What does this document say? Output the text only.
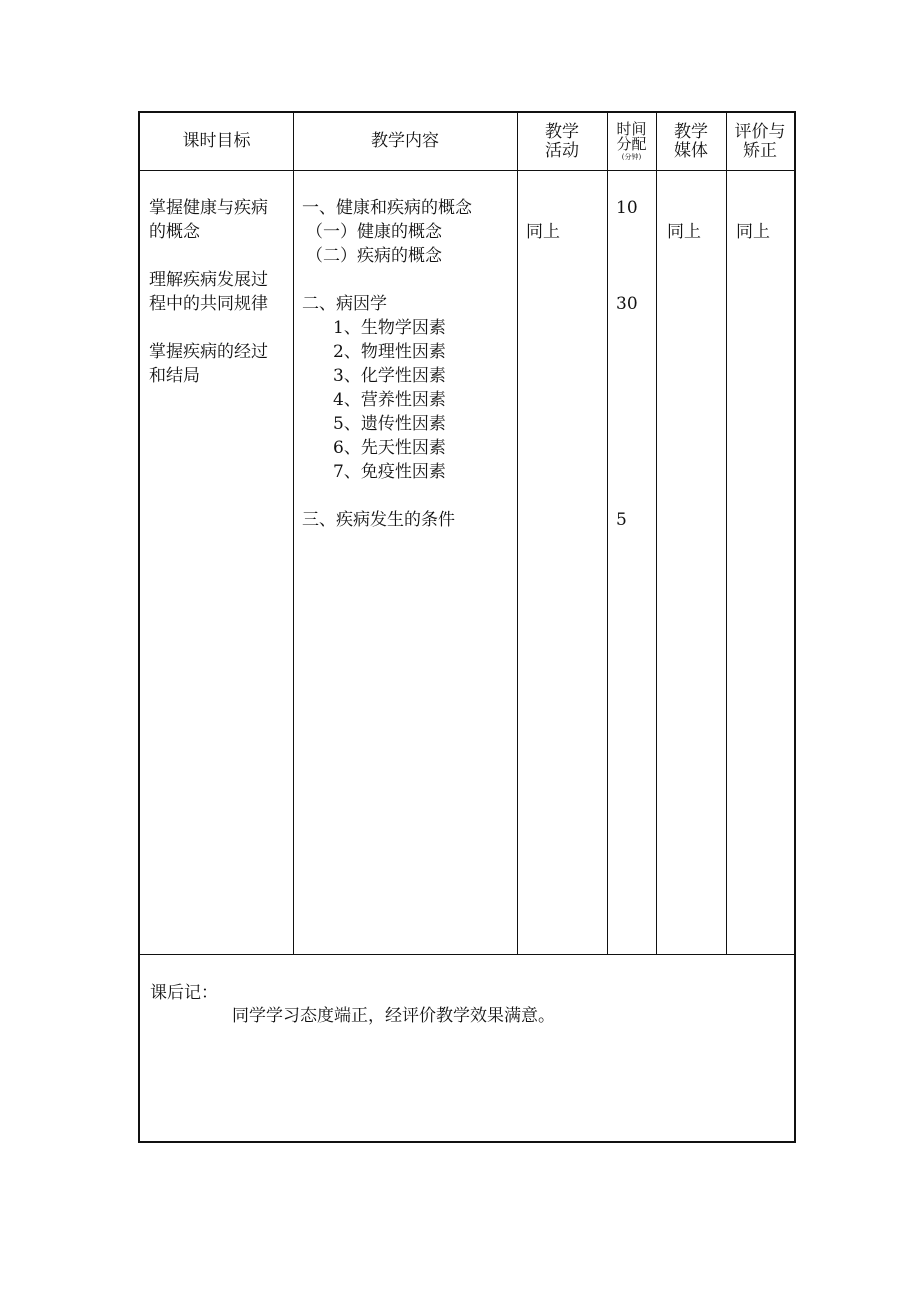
课时目标	教学内容	教学
活动
时间
分配
(分钟)
教学
媒体
评价与
矫正
掌握健康与疾病
的概念
理解疾病发展过
程中的共同规律
掌握疾病的经过
和结局
一、健康和疾病的概念
（一）健康的概念
（二）疾病的概念
二、病因学
1、生物学因素
2、物理性因素
3、化学性因素
4、营养性因素
5、遗传性因素
6、先天性因素
7、免疫性因素
三、疾病发生的条件
同上
10
30
5
同上 同上
课后记：
同学学习态度端正，经评价教学效果满意。
